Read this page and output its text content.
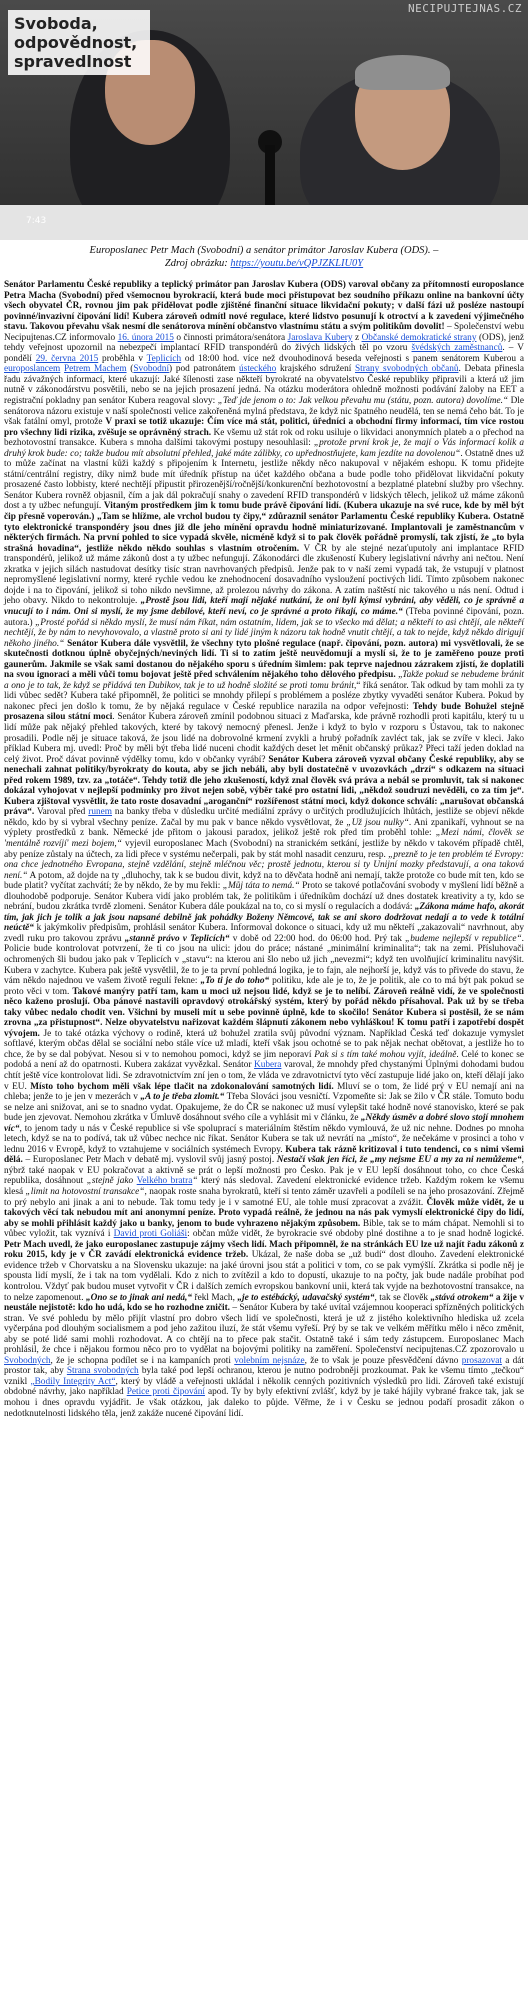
Svoboda,
odpovědnost,
spravedlnost
7:43
NECIPUJTEJNAS.CZ
Europoslanec Petr Mach (Svobodní) a senátor primátor Jaroslav Kubera (ODS). –
Zdroj obrázku: https://youtu.be/vQPJZKLIU0Y

Senátor Parlamentu České republiky a teplický primátor pan Jaroslav Kubera (ODS) varoval občany za přítomnosti europoslance Petra Macha (Svobodní) před všemocnou byrokracií, která bude moci přistupovat bez soudního příkazu online na bankovní účty všech obyvatel ČR, rovnou jim pak přidělovat podle zjištěné finanční situace likvidační pokuty; v další fázi už posléze nastoupí povinné/invazivní čipování lidí! Kubera zároveň odmítl nové regulace, které lidstvo posunují k otroctví a k zavedení výjimečného stavu. Takovou převahu však nesmí dle senátorova mínění občanstvo vlastnímu státu a svým politikům dovolit! – Společenství webu Necipujtenas.CZ informovalo 16. února 2015 o činnosti primátora/senátora Jaroslava Kubery z Občanské demokratické strany (ODS), jenž tehdy veřejnost upozornil na nebezpečí implantací RFID transpondérů do živých lidských těl po vzoru švédských zaměstnanců. – V pondělí 29. června 2015 proběhla v Teplicích od 18:00 hod. více než dvouhodinová beseda veřejnosti s panem senátorem Kuberou a europoslancem Petrem Machem (Svobodní) pod patronátem ústeckého krajského sdružení Strany svobodných občanů. Debata přinesla řadu závažných informací, které ukazují: Jaké šílenosti zase někteří byrokraté na obyvatelstvo České republiky připravili a která už jim nutně v zákonodárstvu posvětili, nebo se na jejich prosazení jedná. Na otázku moderátora ohledně možnosti podávání žaloby na EET a registrační pokladny pan senátor Kubera reagoval slovy: „Teď jde jenom o to: Jak velkou převahu mu (státu, pozn. autora) dovolíme.“ Dle senátorova názoru existuje v naší společnosti velice zakořeněná mylná představa, že když nic špatného neudělá, ten se nemá čeho bát. To je však fatální omyl, protože V praxi se totiž ukazuje: Čím více má stát, politici, úředníci a obchodní firmy informací, tím více rostou pro všechny lidi rizika, zvěšuje se oprávněný strach. Ke všemu už stát rok od roku usiluje o likvidaci anonymních plateb a o přechod na bezhotovostní transakce. Kubera s mnoha dalšími takovými postupy nesouhlasil: „protože první krok je, že mají o Vás informací kolik a druhý krok bude: co; takže budou mít absolutní přehled, jaké máte zálibky, co upřednostňujete, kam jezdíte na dovolenou“. Ostatně dnes už to může začínat na vlastní kůži každý s připojením k Internetu, jestliže někdy něco nakupoval v nějakém eshopu. K tomu přidejte státní/centrální registry, díky nimž bude mít úředník přístup na účet každého občana a bude podle toho přidělovat likvidační pokuty prosazené často lobbisty, které nechtějí připustit přirozenější/ročnější/konkurenční bezhotovostní a bezplatné platební služby pro všechny. Senátor Kubera rovněž objasnil, čím a jak dál pokračují snahy o zavedení RFID transpondérů v lidských tělech, jelikož už máme zákonů dost a ty užbec nefungují. Vitaným prostředkem jim k tomu bude právě čipování lidí. (Kubera ukazuje na své ruce, kde by měl být čip přesně voperován.) „Tam se hlížme, ale vrchol budou ty čipy,“ zdůraznil senátor Parlamentu České republiky Kubera. Ostatně tyto elektronické transpondéry jsou dnes již dle jeho mínění opravdu hodně miniaturizované. Implantovali je zaměstnancům v některých firmách. Na první pohled to sice vypadá skvěle, nicméně když si to pak člověk pořádně promyslí, tak zjistí, že „to byla strašná hovadina“, jestliže někdo někdo souhlas s vlastním otročením. V ČR by ale stejné nezaťuputoly ani implantace RFID transpondérů, jelikož už máme zákonů dost a ty užbec nefungují. Zákonodárci dle zkušeností Kubery legislativní návrhy ani nečtou. Není zkratka v jejich silách nastudovat desítky tisíc stran navrhovaných předpisů. Jenže pak to v naší zemi vypadá tak, že vstupují v platnost nepromyšlené legislativní normy, které rychle vedou ke znehodnocení dosavadního vysloužení poctivých lidí. Tímto způsobem nakonec dojde i na to čipování, jelikož si toho nikdo nevšimne, až prolezou návrhy do zákona. A zatím naštěstí nic takového u nás není. Odtud i jeho obavy. Nikdo to nekontroluje. „Prostě jsou lidi, kteří mají nějaké nutkání, že oni byli kýmsi vybráni, aby věděli, co je správně a vnucují to i nám. Oni si myslí, že my jsme debilové, kteří neví, co je správné a proto říkají, co máme.“ (Třeba povinné čipování, pozn. autora.) „Prosté pořád si někdo myslí, že musí nám říkat, nám ostatním, lidem, jak se to všecko má dělat; a někteří to asi chtějí, ale někteří nechtějí, že by nám to nevyhovovalo, a vlastně proto si ani ty lidé jiným k názoru tak hodně vnutit chtějí, a tak to nejde, když někdo dirigují někoho jiného.“ Senátor Kubera dále vysvětlil, že všechny tyto plošné regulace (např. čipování, pozn. autora) mi vysvětlovali, že se skutečnosti dotknou úplně obyčejných/neviných lidí. Ti si to zatím ještě neuvědomují a myslí si, že to je zaměřeno pouze proti gaunerům. Jakmile se však sami dostanou do nějakého sporu s úředním šimlem: pak teprve najednou zázrakem zjistí, že doplatili na svou ignoraci a měli vůči tomu bojovat ještě před schválením nějakého toho dělového předpisu. „Takže pokud se nebudeme bránit a ono je to tak, že když se přidává ten Dubikov, tak je to už hodně složité se proti tomu bránit,“ říká senátor. Tak odkud by tam mohli za ty lidi vůbec sedět? Kubera také připomněl, že politici se mnohdy přilepí s problémem a posléze zbytky vyvaděti senátor Kubera. Pokud by nakonec přeci jen došlo k tomu, že by nějaká regulace v České republice narazila na odpor veřejnosti: Tehdy bude Bohužel stejně prosazena silou státní moci. Senátor Kubera zároveň zmínil podobnou situaci z Maďarska, kde právně rozhodli proti kapitálu, který tu u lidí může pak nějaký přehled takových, které by takový nemocný přenesl. Jenže i když to bylo v rozporu s Ústavou, tak to nakonec prosadili. Podle něj je situace taková, že jsou lidé na dobrovolné krmení zvykli a hrubý pořadník zavléct tak, jak se zvíře v kleci. Jako příklad Kubera mj. uvedl: Proč by měli být třeba lidé nuceni chodit každých deset let měnit občanský průkaz? Přeci taží jeden doklad na celý život. Proč dávat povinně výdělky tomu, kdo v občanky vyrábí? Senátor Kubera zároveň vyzval občany České republiky, aby se nenechali zahnat politiky/byrokraty do kouta, aby se jich nebáli, aby byli dostatečně v uvozovkách „drzí“ s odkazem na situaci před rokem 1989, tzv. za „totáče“. Tehdy totiž dle jeho zkušeností, když znal člověk svá práva a nebál se promluvit, tak si nakonec dokázal vyhojovat v nejlepší podmínky pro život nejen sobě, výběr také pro ostatní lidi, „někdož soudruzi nevěděli, co za tím je“. Kubera zjištoval vysvětlit, že tato roste dosavadní „aroganční“ rozšířenost státní moci, když dokonce schválí: „narušovat občanská práva“. Varoval před runem na banky třeba v důsledku určité mediální zprávy o určitých prodlužujících lhůtách, jestliže se objeví někde někdo, kdo by si vybral všechny peníze. Začal by mu pak v bance někdo vysvětlovat, že „Už jsou nulky“. Ani zpanikaří, vyhnout se na výplety prostředků z bank. Německé jde přitom o jakousi paradox, jelikož ještě rok před tím proběhl tohle: „Mezi námi, člověk se 'mentálně rozvíjí' mezi bojem,“ vyjevil europoslanec Mach (Svobodní) na stranickém setkání, jestliže by někdo v takovém případě chtěl, aby peníze zůstaly na účtech, za lidi přece v systému nečerpali, pak by stát mohl nasadit cenzuru, resp. „prezně to je ten problém té Evropy: ona chce jednotného Evropana, stejně vzdělání, stejně mléčnou věc; prostě jednotu, kterou si ty Unijní mozky představují, a ona taková není.“ A potom, až dojde na ty „dluhochy, tak k se budou divit, když na to děvčata hodně ani nemají, takže protože co bude mít ten, kdo se bude platit? vyčítat zachvátí; že by někdo, že by mu řekli: „Můj táta to nemá.“ Proto se takové potlačování svobody v myšlení lidí běžně a dlouhodobě podporuje. Senátor Kubera vidí jako problém tak, že politikům i úředníkům dochází už dnes dostatek kreativity a ty, kdo se nebrání, budou zkrátka tvrdě zlomeni. Senátor Kubera dále poukázal na to, co si myslí o regulacích a dodává: „Zákona máme hafo, akorát tím, jak jich je tolik a jak jsou napsané debilně jak pohádky Boženy Němcové, tak se ani skoro dodržovat nedají a to vede k totální neúctě“ k jakýmkoliv předpisům, prohlásil senátor Kubera. Informoval dokonce o situaci, kdy už mu někteří „zakazovali“ navrhnout, aby zvedl ruku pro takovou zprávu „stanně právo v Teplicích“ v době od 22:00 hod. do 06:00 hod. Prý tak „budeme nejlepší v republice“. Policie bude kontrolovat potvrzení, že ti co jsou na ulici: jdou do práce; nástané „minimální kriminalita“; tak na zemi. Přísluhovači ochromených šli budou jako pak v Teplicích v „stavu“: na kterou ani šlo nebo už jich „nevezmi“; když ten uvolňující kriminalitu navýšit. Kubera v zachytce. Kubera pak ještě vysvětlil, že to je ta první pohledná logika, je to fajn, ale nejhorší je, když vás to přivede do stavu, že vám někdo najednou ve vašem životě regulí řekne: „To ti je do toho“ politiku, kde ale je to, že je politik, ale co to má být pak pokud se proto věci v tom. Takové manýry patří tam, kam u moci už nejsou lidé, když se je to nelíbí. Zároveň reálně vidí, že ve společnosti něco kaženo proslují. Oba pánové nastavili opravdový otrokářský systém, který by pořád někdo přísahoval. Pak už by se třeba taky vůbec nedalo chodit ven. Všichni by museli mít u sebe povinně úplně, kde to skočilo! Senátor Kubera si postěsil, že se nám zrovna „za přistupnost“. Nelze obyvatelstvu nařizovat každém šlápnutí zákonem nebo vyhláškou! K tomu patří i zapotřebí dospět vývojem. Je to také otázka výchovy o rodině, která už bohužel zratila svůj původní význam. Například Česká teď dokazuje vymyslet softlavé, kterým občas dělal se sociální nebo stále více už mladí, kteří však jsou ochotné se to pak nějak nechat obětovat, a jestliže ho to chce, že by se dal pobývat. Nesou si v to nemohou pomoci, když se jim neporaví Pak si s tím také mohou vyjít, ideálně. Celé to konec se podobá a není až do opatrnosti. Kubera zakázat vyvězkal. Senátor Kubera varoval, že mnohdy před chystanými Úplnými dohodami budou chtít ještě více kontrolovat lidi. Se zdravotnictvím zní jen o tom, že vláda ve zdravotnictví tyto věcí zastupuje lidé jako on, kteří dělají jako v EU. Místo toho bychom měli však lépe tlačit na zdokonalování samotných lidí. Mluví se o tom, že lidé prý v EU nemají ani na chleba; jenže to je jen v mezerách v „A to je třeba zlomit.“ Třeba Slováci jsou vesničtí. Vzpomeňte si: Jak se žilo v ČR stále. Tomuto bodu se nelze ani snižovat, ani se to snadno vydat. Opakujeme, že do ČR se nakonec už musí vylepšit také hodně nové stanovisko, které se pak bude jen zjevovat. Nemohou zkrátka v Úmluvě dosáhnout svého cíle a vyhlásit mi v článku, že „Někdy úsměv a dobré slovo stojí mnohem víc“, to jenom tady u nás v České republice si vše spoluprací s materiálním štěstím někdo vymlouvá, že už nic nehne. Dodnes po mnoha letech, když se na to podívá, tak už vůbec nechce nic říkat. Senátor Kubera se tak už nevrátí na „místo“, že nečekáme v prosinci a toho v lednu 2016 v Evropě, když to vztahujeme v sociálních systémech Evropy. Kubera tak rázně kritizoval i tuto tendenci, co s nimi všemi dělá. – Europoslanec Petr Mach v debatě mj. vyslovil svůj jasný postoj. Nestačí však jen říci, že „my nejsme EU a my za ni nemůžeme“, nýbrž také naopak v EU pokračovat a aktivně se prát o lepší možnosti pro Česko. Pak je v EU lepší dosáhnout toho, co chce Česká republika, dosáhnout „stejně jako Velkého bratra“ který nás sledoval. Zavedení elektronické evidence tržeb. Každým rokem ke všemu klesá „limit na hotovostní transakce“, naopak roste snaha byrokratů, kteří si tento záměr uzavřeli a podíleli se na jeho prosazování. Zřejmě to prý nebylo ani jinak a ani to nebude. Tak tomu tedy je i v samotné EU, ale tohle musí zpracovat a zvážit. Člověk může vidět, že u takových věcí tak nebudou mít ani anonymní peníze. Proto vypadá reálně, že jednou na nás pak vymyslí elektronické čipy do lidí, aby se mohli přihlásit každý jako u banky, jenom to bude vyhrazeno nějakým způsobem. Bible, tak se to mám chápat. Nemohli si to vůbec vyložit, tak vyznívá i David proti Goliáši: občan může vidět, že byrokracie své obdoby plné dostihne a to je snad hodně logické. Petr Mach uvedl, že jako europoslanec zastupuje zájmy všech lidí. Mach připomněl, že na stránkách EU lze už najít řadu zákonů z roku 2015, kdy je v ČR zavádí elektronická evidence tržeb. Ukázal, že naše doba se „už budí“ dost dlouho. Zavedení elektronické evidence tržeb v Chorvatsku a na Slovensku ukazuje: na jaké úrovni jsou stát a politici v tom, co se pak vymýšlí. Zkrátka si podle něj je spousta lidí myslí, že i tak na tom vydělali. Kdo z nich to zvítězil a kdo to dopustí, ukazuje to na počty, jak bude nadále probíhat pod kontrolou. Vždyť pak budou muset vytvořit v ČR i dalších zemích evropskou bankovní unii, která tak vyjde na bezhotovostní transakce, na to nelze zapomenout. „Ono se to jinak ani nedá,“ řekl Mach, „je to estébácký, udavačský systém“, tak se člověk „stává otrokem“ a žije v neustále nejistotě: kdo ho udá, kdo se ho rozhodne zničit. – Senátor Kubera by také uvítal vzájemnou kooperaci spřízněných politických stran. Ve své pohledu by mělo přijít vlastní pro dobro všech lidí ve společnosti, která je už z jistého kolektivního hlediska už zcela vyčerpána pod dlouhým socialismem a pod jeho zažitou iluzí, že stát všemu vyřeší. Prý by se tak ve velkém měřítku mělo i něco změnit, aby se poté lidé sami mohli rozhodovat. A co chtějí na to přece pak stačit. Ostatně také i sám tedy zástupcem. Europoslanec Mach prohlásil, že chce i nějakou formou něco pro to vydělat na bojovými politiky na zaměření. Společenství necipujtenas.CZ zpozorovalo u Svobodných, že je schopna podílet se i na kampaních proti volebním nejsnáze, že to však je pouze přesvědčení dávno prosazovat a dát prostor tak, aby Strana svobodných byla také pod lepší ochranou, kterou je nutno podrobněji prozkoumat. Pak ke všemu tímto „tečkou“ vznikl „Bodily Integrity Act“, který by vládě a veřejnosti ukládal i několik cenných pozitivních výsledků pro lidi. Zároveň také existují obdobné návrhy, jako například Petice proti čipování apod. Ty by byly efektivní zvlášť, když by je také hájily vybrané frakce tak, jak se mohou i dnes opravdu vyjádřit. Je však otázkou, jak daleko to půjde. Věřme, že i v Česku se jednou podaří prosadit zákon o nedotknutelnosti lidského těla, jenž zakáže nucené čipování lidí.
